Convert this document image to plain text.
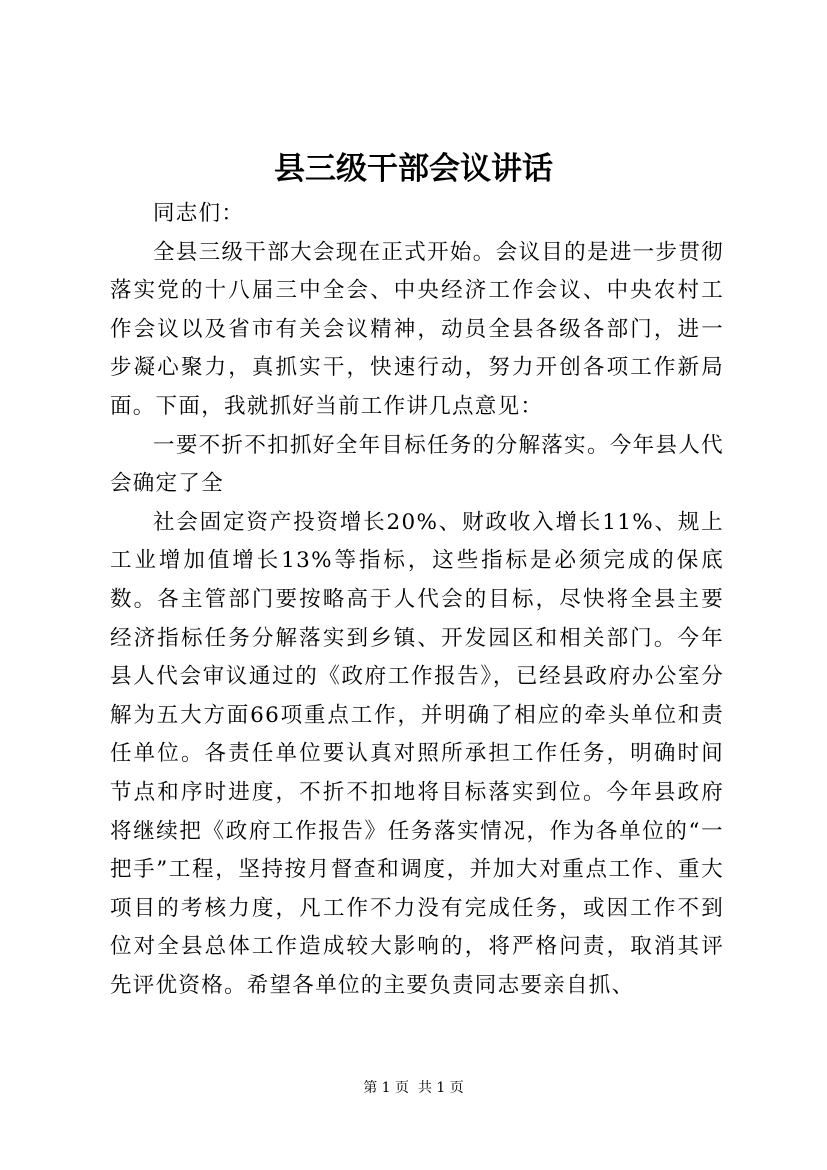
县三级干部会议讲话

同志们：

全县三级干部大会现在正式开始。会议目的是进一步贯彻落实党的十八届三中全会、中央经济工作会议、中央农村工作会议以及省市有关会议精神，动员全县各级各部门，进一步凝心聚力，真抓实干，快速行动，努力开创各项工作新局面。下面，我就抓好当前工作讲几点意见：

一要不折不扣抓好全年目标任务的分解落实。今年县人代会确定了全

社会固定资产投资增长20%、财政收入增长11%、规上工业增加值增长13%等指标，这些指标是必须完成的保底数。各主管部门要按略高于人代会的目标，尽快将全县主要经济指标任务分解落实到乡镇、开发园区和相关部门。今年县人代会审议通过的《政府工作报告》，已经县政府办公室分解为五大方面66项重点工作，并明确了相应的牵头单位和责任单位。各责任单位要认真对照所承担工作任务，明确时间节点和序时进度，不折不扣地将目标落实到位。今年县政府将继续把《政府工作报告》任务落实情况，作为各单位的“一把手”工程，坚持按月督查和调度，并加大对重点工作、重大项目的考核力度，凡工作不力没有完成任务，或因工作不到位对全县总体工作造成较大影响的，将严格问责，取消其评先评优资格。希望各单位的主要负责同志要亲自抓、

第 1 页  共 1 页
